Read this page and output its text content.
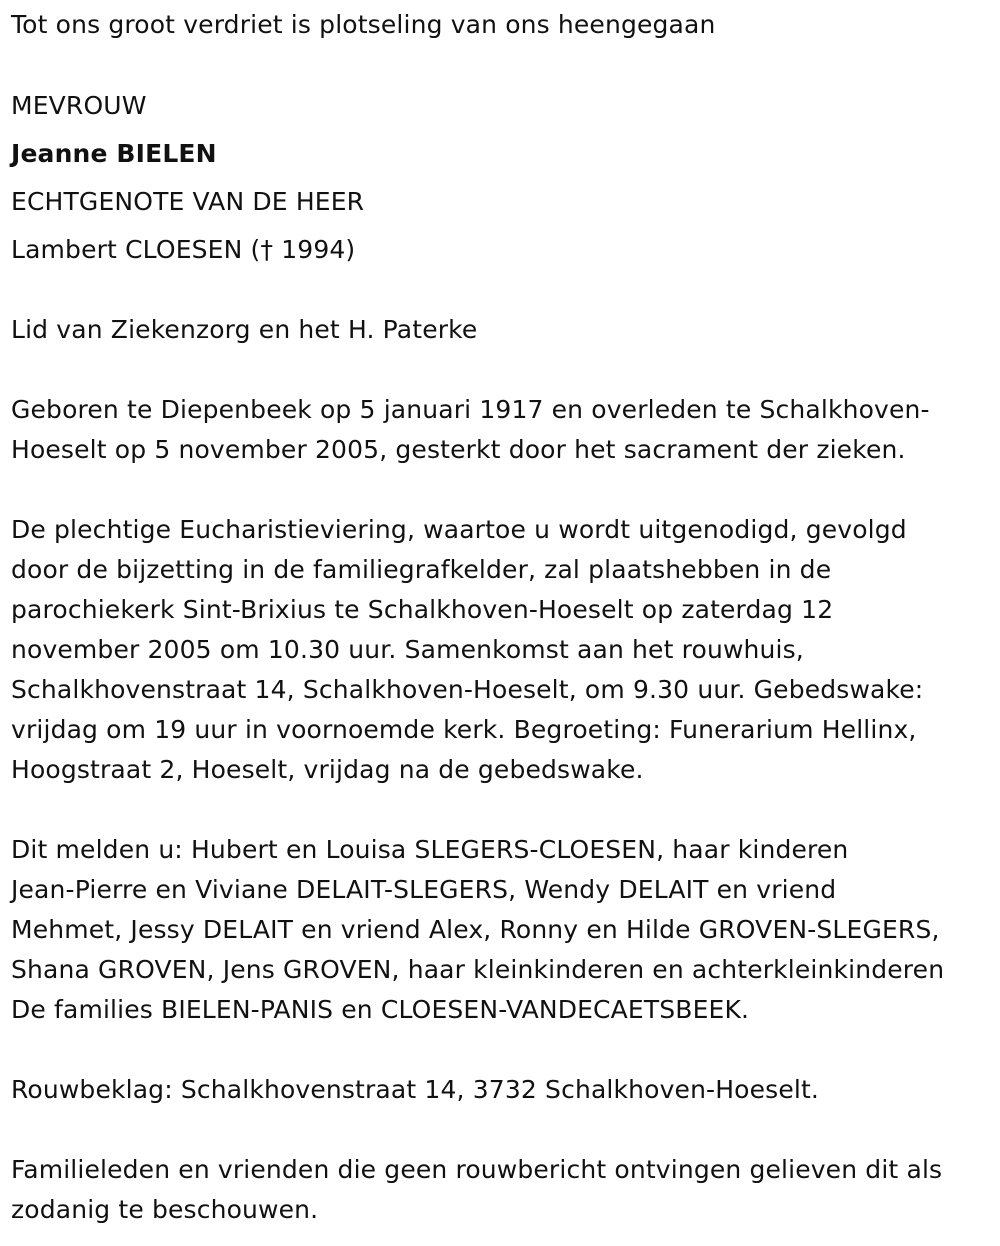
Tot ons groot verdriet is plotseling van ons heengegaan
MEVROUW
Jeanne BIELEN
ECHTGENOTE VAN DE HEER
Lambert CLOESEN († 1994)
Lid van Ziekenzorg en het H. Paterke
Geboren te Diepenbeek op 5 januari 1917 en overleden te Schalkhoven-
Hoeselt op 5 november 2005, gesterkt door het sacrament der zieken.
De plechtige Eucharistieviering, waartoe u wordt uitgenodigd, gevolgd
door de bijzetting in de familiegrafkelder, zal plaatshebben in de
parochiekerk Sint-Brixius te Schalkhoven-Hoeselt op zaterdag 12
november 2005 om 10.30 uur. Samenkomst aan het rouwhuis,
Schalkhovenstraat 14, Schalkhoven-Hoeselt, om 9.30 uur. Gebedswake:
vrijdag om 19 uur in voornoemde kerk. Begroeting: Funerarium Hellinx,
Hoogstraat 2, Hoeselt, vrijdag na de gebedswake.
Dit melden u: Hubert en Louisa SLEGERS-CLOESEN, haar kinderen
Jean-Pierre en Viviane DELAIT-SLEGERS, Wendy DELAIT en vriend
Mehmet, Jessy DELAIT en vriend Alex, Ronny en Hilde GROVEN-SLEGERS,
Shana GROVEN, Jens GROVEN, haar kleinkinderen en achterkleinkinderen
De families BIELEN-PANIS en CLOESEN-VANDECAETSBEEK.
Rouwbeklag: Schalkhovenstraat 14, 3732 Schalkhoven-Hoeselt.
Familieleden en vrienden die geen rouwbericht ontvingen gelieven dit als
zodanig te beschouwen.
